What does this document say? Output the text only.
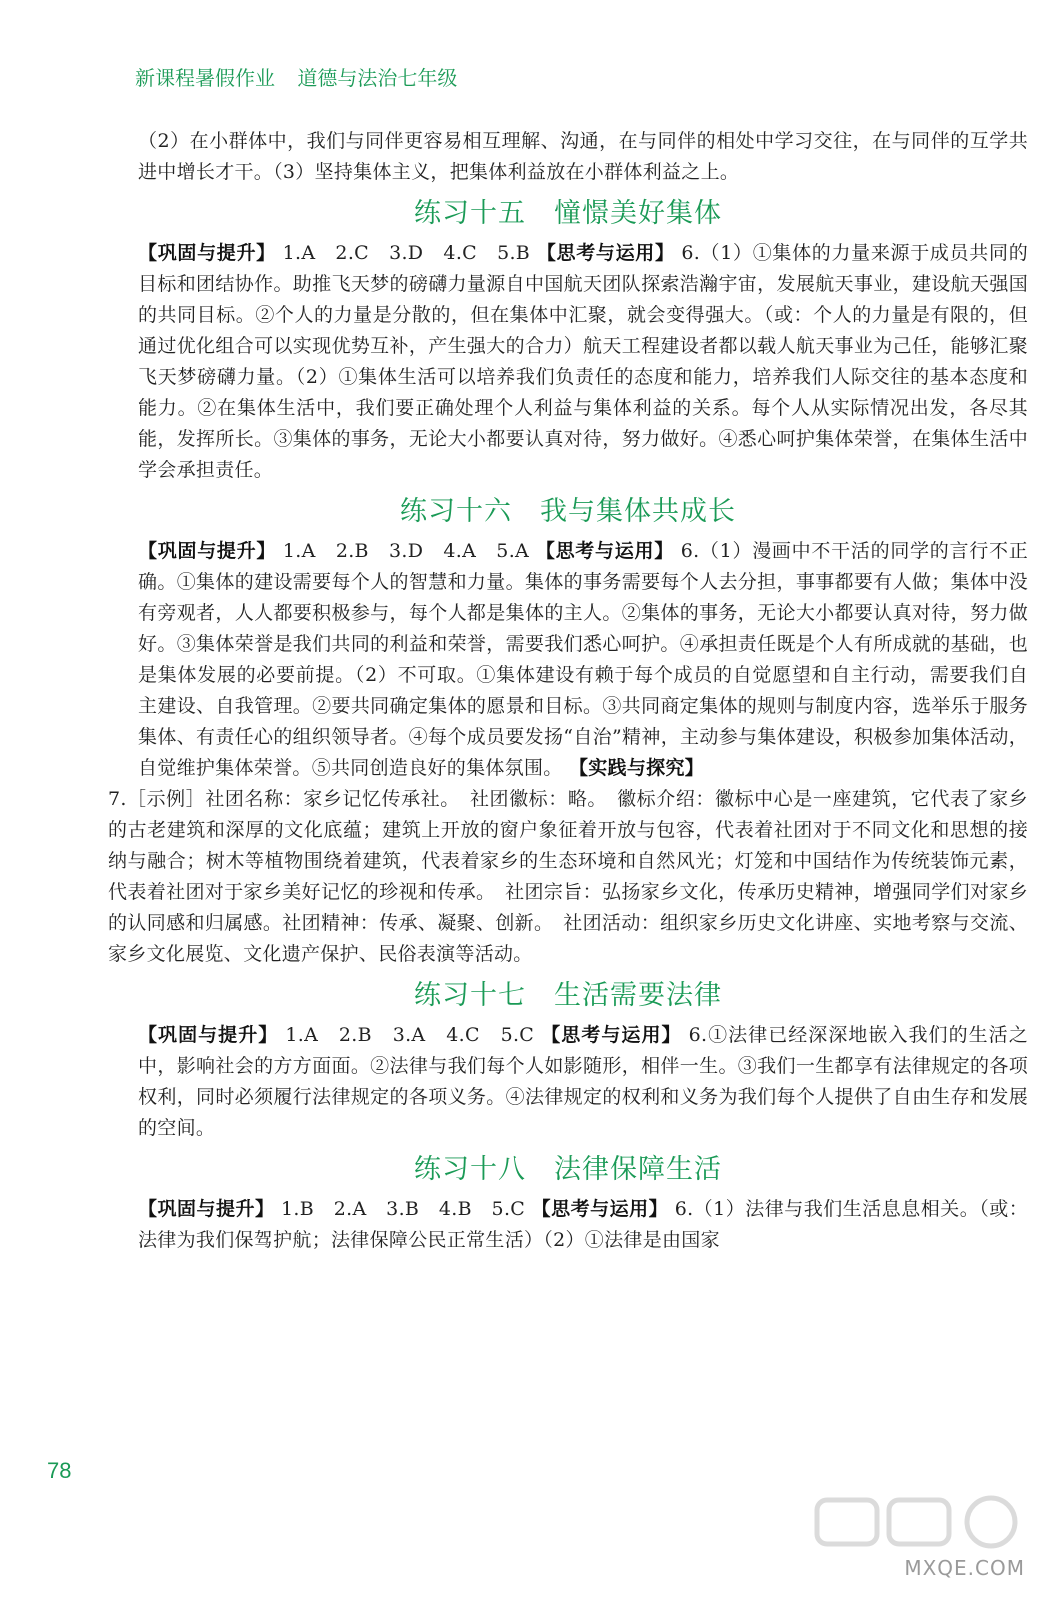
新课程暑假作业 道德与法治七年级

（2）在小群体中，我们与同伴更容易相互理解、沟通，在与同伴的相处中学习交往，在与同伴的互学共进中增长才干。（3）坚持集体主义，把集体利益放在小群体利益之上。

练习十五 憧憬美好集体

【巩固与提升】 1.A　2.C　3.D　4.C　5.B 【思考与运用】 6.（1）①集体的力量来源于成员共同的目标和团结协作。助推飞天梦的磅礴力量源自中国航天团队探索浩瀚宇宙，发展航天事业，建设航天强国的共同目标。②个人的力量是分散的，但在集体中汇聚，就会变得强大。（或：个人的力量是有限的，但通过优化组合可以实现优势互补，产生强大的合力）航天工程建设者都以载人航天事业为己任，能够汇聚飞天梦磅礴力量。（2）①集体生活可以培养我们负责任的态度和能力，培养我们人际交往的基本态度和能力。②在集体生活中，我们要正确处理个人利益与集体利益的关系。每个人从实际情况出发，各尽其能，发挥所长。③集体的事务，无论大小都要认真对待，努力做好。④悉心呵护集体荣誉，在集体生活中学会承担责任。

练习十六 我与集体共成长

【巩固与提升】 1.A　2.B　3.D　4.A　5.A 【思考与运用】 6.（1）漫画中不干活的同学的言行不正确。①集体的建设需要每个人的智慧和力量。集体的事务需要每个人去分担，事事都要有人做；集体中没有旁观者，人人都要积极参与，每个人都是集体的主人。②集体的事务，无论大小都要认真对待，努力做好。③集体荣誉是我们共同的利益和荣誉，需要我们悉心呵护。④承担责任既是个人有所成就的基础，也是集体发展的必要前提。（2）不可取。①集体建设有赖于每个成员的自觉愿望和自主行动，需要我们自主建设、自我管理。②要共同确定集体的愿景和目标。③共同商定集体的规则与制度内容，选举乐于服务集体、有责任心的组织领导者。④每个成员要发扬“自治”精神，主动参与集体建设，积极参加集体活动，自觉维护集体荣誉。⑤共同创造良好的集体氛围。 【实践与探究】

7.［示例］社团名称：家乡记忆传承社。　社团徽标：略。　徽标介绍：徽标中心是一座建筑，它代表了家乡的古老建筑和深厚的文化底蕴；建筑上开放的窗户象征着开放与包容，代表着社团对于不同文化和思想的接纳与融合；树木等植物围绕着建筑，代表着家乡的生态环境和自然风光；灯笼和中国结作为传统装饰元素，代表着社团对于家乡美好记忆的珍视和传承。　社团宗旨：弘扬家乡文化，传承历史精神，增强同学们对家乡的认同感和归属感。社团精神：传承、凝聚、创新。　社团活动：组织家乡历史文化讲座、实地考察与交流、家乡文化展览、文化遗产保护、民俗表演等活动。

练习十七 生活需要法律

【巩固与提升】 1.A　2.B　3.A　4.C　5.C 【思考与运用】 6.①法律已经深深地嵌入我们的生活之中，影响社会的方方面面。②法律与我们每个人如影随形，相伴一生。③我们一生都享有法律规定的各项权利，同时必须履行法律规定的各项义务。④法律规定的权利和义务为我们每个人提供了自由生存和发展的空间。

练习十八 法律保障生活

【巩固与提升】 1.B　2.A　3.B　4.B　5.C 【思考与运用】 6.（1）法律与我们生活息息相关。（或：法律为我们保驾护航；法律保障公民正常生活）（2）①法律是由国家

78
MXQE.COM
